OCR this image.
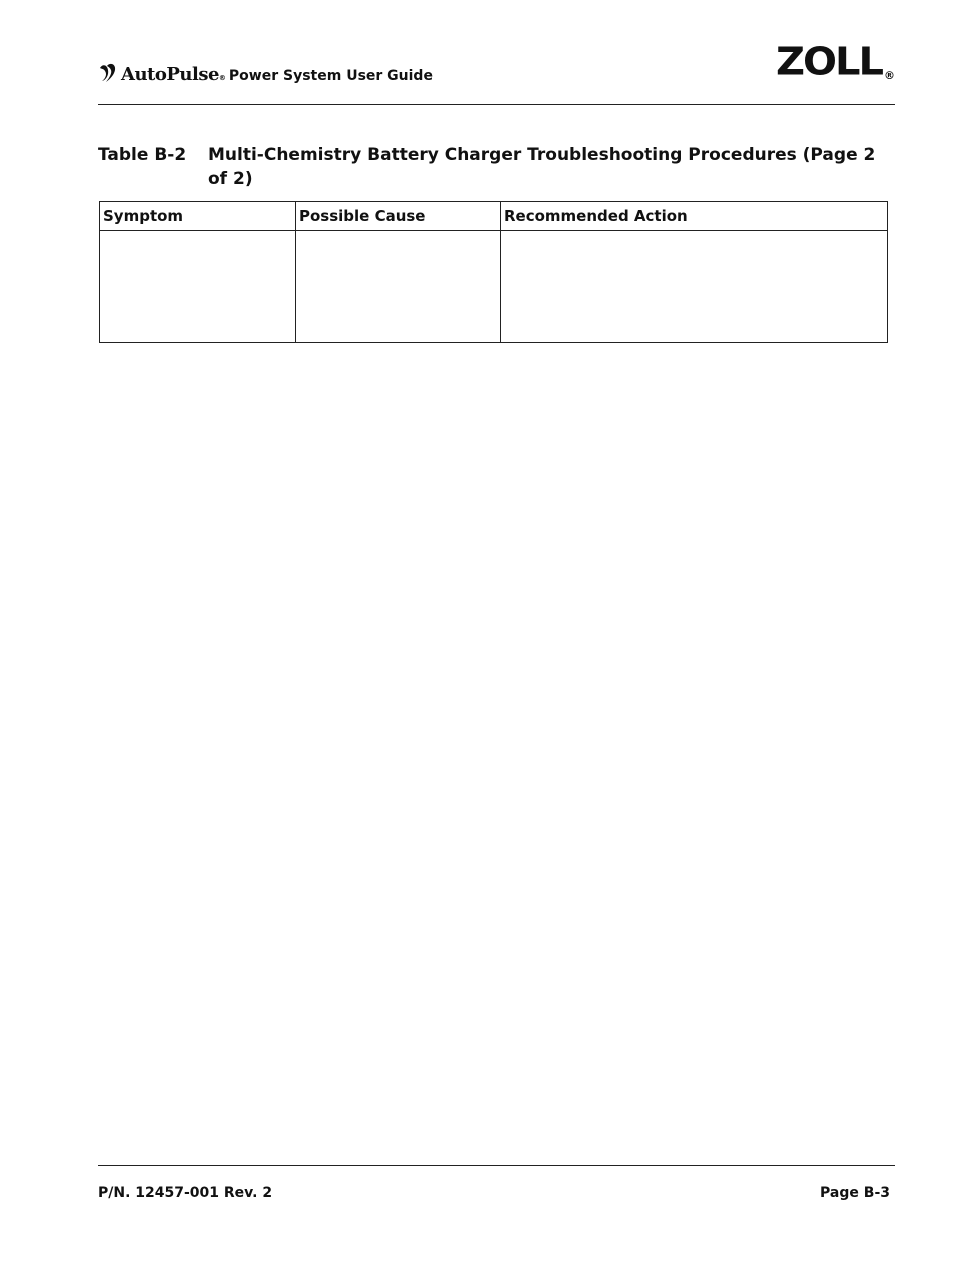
AutoPulse ® Power System User Guide	ZOLL ®
Table B-2 Multi-Chemistry Battery Charger Troubleshooting Procedures (Page 2 of 2)
Symptom	Possible Cause	Recommended Action

P/N. 12457-001 Rev. 2	Page B-3
